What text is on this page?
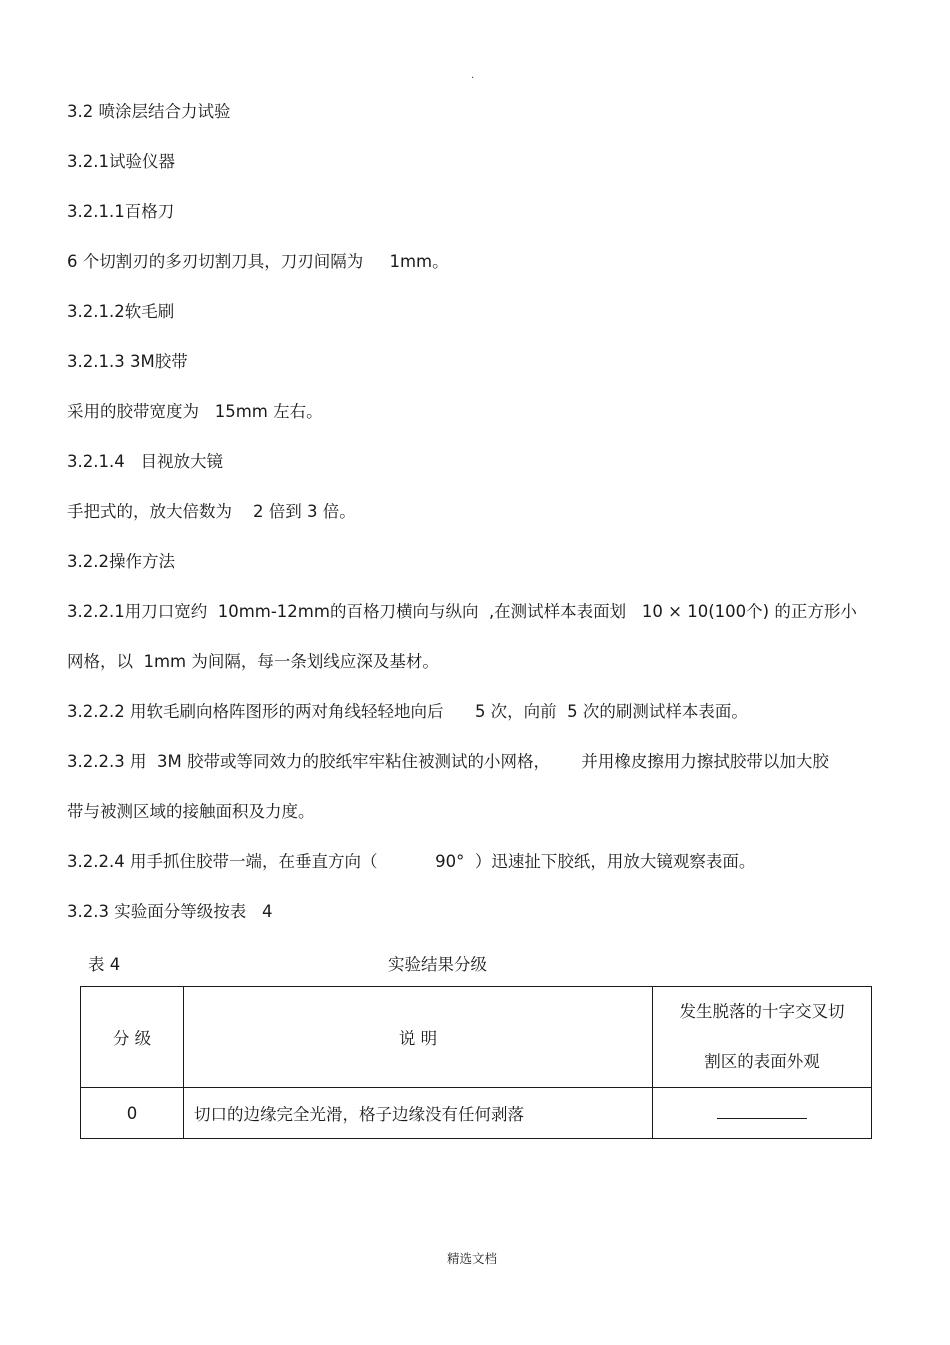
.
3.2 喷涂层结合力试验
3.2.1试验仪器
3.2.1.1百格刀
6 个切割刃的多刃切割刀具，刀刃间隔为     1mm。
3.2.1.2软毛刷
3.2.1.3 3M胶带
采用的胶带宽度为   15mm 左右。
3.2.1.4   目视放大镜
手把式的，放大倍数为    2 倍到 3 倍。
3.2.2操作方法
3.2.2.1用刀口宽约  10mm-12mm的百格刀横向与纵向  ,在测试样本表面划   10 × 10(100个) 的正方形小
网格，以  1mm 为间隔，每一条划线应深及基材。
3.2.2.2 用软毛刷向格阵图形的两对角线轻轻地向后      5 次，向前  5 次的刷测试样本表面。
3.2.2.3 用  3M 胶带或等同效力的胶纸牢牢粘住被测试的小网格，      并用橡皮擦用力擦拭胶带以加大胶
带与被测区域的接触面积及力度。
3.2.2.4 用手抓住胶带一端，在垂直方向（           90°  ）迅速扯下胶纸，用放大镜观察表面。
3.2.3 实验面分等级按表   4
表 4	实验结果分级
分 级	说 明	发生脱落的十字交叉切
割区的表面外观

0	切口的边缘完全光滑，格子边缘没有任何剥落	
精选文档
